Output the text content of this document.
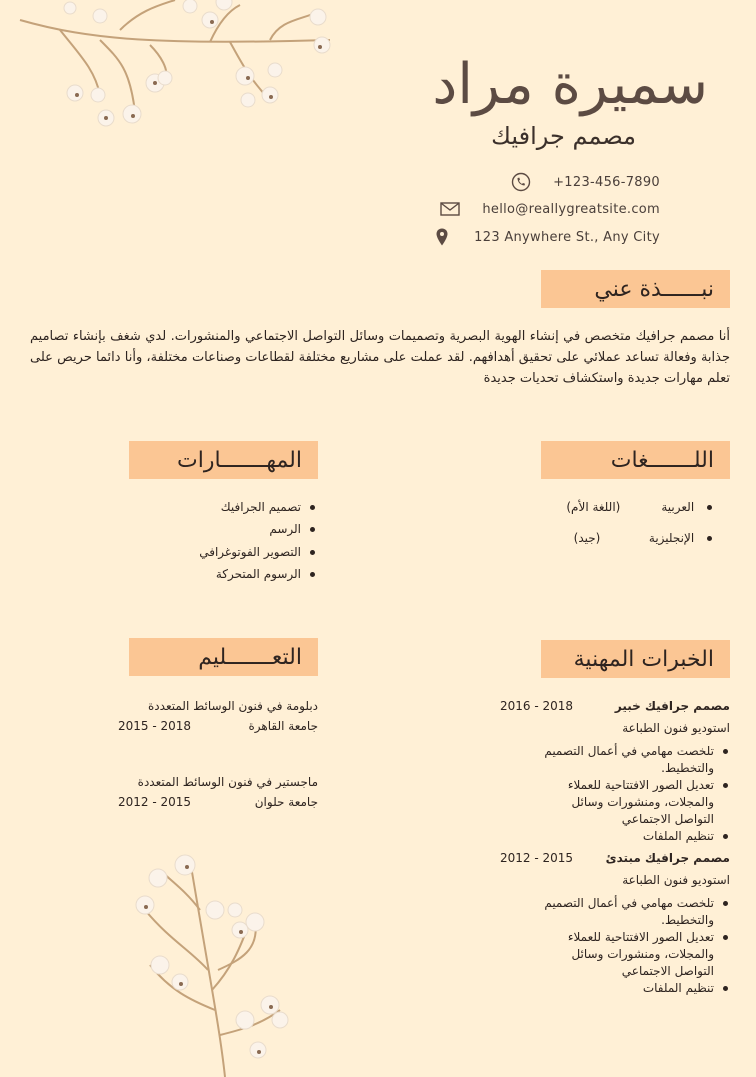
سميرة مراد
مصمم جرافيك
+123-456-7890
hello@reallygreatsite.com
123 Anywhere St., Any City
نبــــــذة عني
أنا مصمم جرافيك متخصص في إنشاء الهوية البصرية وتصميمات وسائل التواصل الاجتماعي والمنشورات. لدي شغف بإنشاء تصاميم جذابة وفعالة تساعد عملائي على تحقيق أهدافهم. لقد عملت على مشاريع مختلفة لقطاعات وصناعات مختلفة، وأنا دائما حريص على تعلم مهارات جديدة واستكشاف تحديات جديدة
اللـــــــغات
العربية (اللغة الأم)
الإنجليزية (جيد)
المهـــــــارات
تصميم الجرافيك
الرسم
التصوير الفوتوغرافي
الرسوم المتحركة
الخبرات المهنية
مصمم جرافيك خبير
2016 - 2018
استوديو فنون الطباعة
تلخصت مهامي في أعمال التصميم والتخطيط.
تعديل الصور الافتتاحية للعملاء والمجلات، ومنشورات وسائل التواصل الاجتماعي
تنظيم الملفات
مصمم جرافيك مبتدئ
2012 - 2015
استوديو فنون الطباعة
تلخصت مهامي في أعمال التصميم والتخطيط.
تعديل الصور الافتتاحية للعملاء والمجلات، ومنشورات وسائل التواصل الاجتماعي
تنظيم الملفات
التعـــــــليم
دبلومة في فنون الوسائط المتعددة
جامعة القاهرة
2015 - 2018
ماجستير في فنون الوسائط المتعددة
جامعة حلوان
2012 - 2015
